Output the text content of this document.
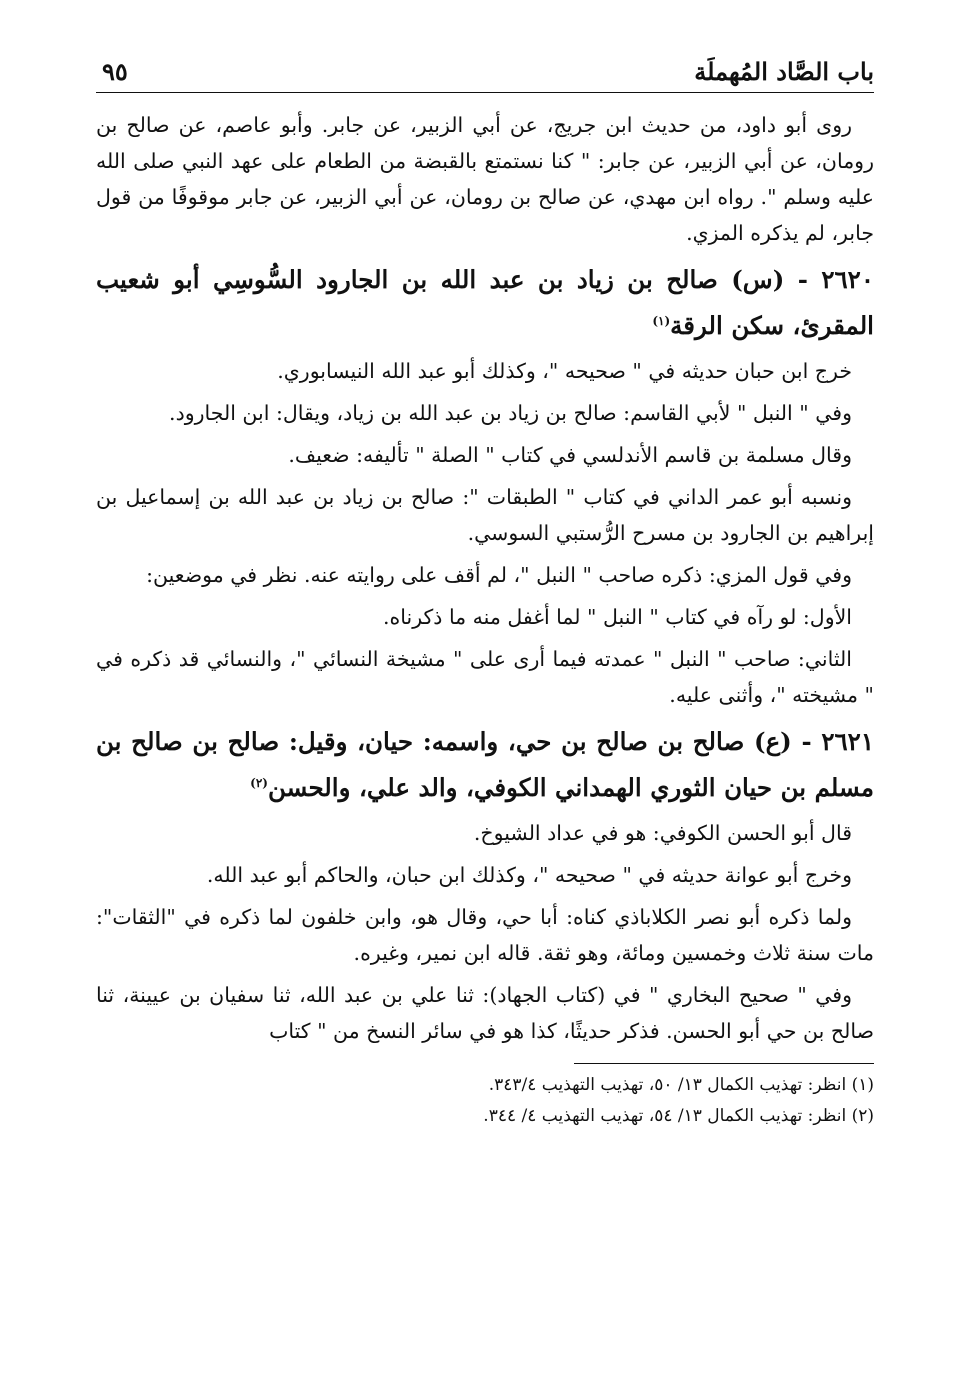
باب الصَّاد المُهملَة
٩٥

روى أبو داود، من حديث ابن جريج، عن أبي الزبير، عن جابر. وأبو عاصم، عن صالح بن رومان، عن أبي الزبير، عن جابر: " كنا نستمتع بالقبضة من الطعام على عهد النبي صلى الله عليه وسلم ". رواه ابن مهدي، عن صالح بن رومان، عن أبي الزبير، عن جابر موقوفًا من قول جابر، لم يذكره المزي.

٢٦٢٠ - (س) صالح بن زياد بن عبد الله بن الجارود السُّوسِي أبو شعيب المقرئ، سكن الرقة$^{(١)}$

خرج ابن حبان حديثه في " صحيحه "، وكذلك أبو عبد الله النيسابوري.

وفي " النبل " لأبي القاسم: صالح بن زياد بن عبد الله بن زياد، ويقال: ابن الجارود.

وقال مسلمة بن قاسم الأندلسي في كتاب " الصلة " تأليفه: ضعيف.

ونسبه أبو عمر الداني في كتاب " الطبقات ": صالح بن زياد بن عبد الله بن إسماعيل بن إبراهيم بن الجارود بن مسرح الرُّستبي السوسي.

وفي قول المزي: ذكره صاحب " النبل "، لم أقف على روايته عنه. نظر في موضعين:

الأول: لو رآه في كتاب " النبل " لما أغفل منه ما ذكرناه.

الثاني: صاحب " النبل " عمدته فيما أرى على " مشيخة النسائي "، والنسائي قد ذكره في " مشيخته "، وأثنى عليه.

٢٦٢١ - (ع) صالح بن صالح بن حي، واسمه: حيان، وقيل: صالح بن صالح بن مسلم بن حيان الثوري الهمداني الكوفي، والد علي، والحسن$^{(٢)}$

قال أبو الحسن الكوفي: هو في عداد الشيوخ.

وخرج أبو عوانة حديثه في " صحيحه "، وكذلك ابن حبان، والحاكم أبو عبد الله.

ولما ذكره أبو نصر الكلاباذي كناه: أبا حي، وقال هو، وابن خلفون لما ذكره في "الثقات": مات سنة ثلاث وخمسين ومائة، وهو ثقة. قاله ابن نمير، وغيره.

وفي " صحيح البخاري " في (كتاب الجهاد): ثنا علي بن عبد الله، ثنا سفيان بن عيينة، ثنا صالح بن حي أبو الحسن. فذكر حديثًا، كذا هو في سائر النسخ من " كتاب

(١) انظر: تهذيب الكمال ١٣/ ٥٠، تهذيب التهذيب ٣٤٣/٤.

(٢) انظر: تهذيب الكمال ١٣/ ٥٤، تهذيب التهذيب ٤/ ٣٤٤.
